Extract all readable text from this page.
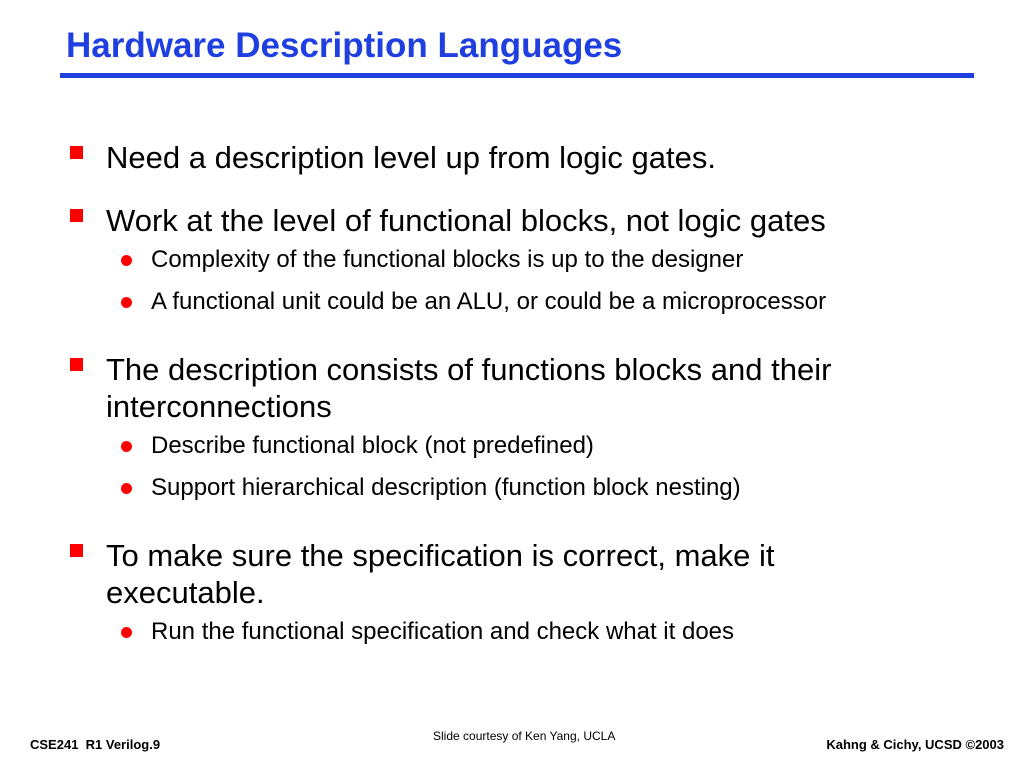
Hardware Description Languages
Need a description level up from logic gates.
Work at the level of functional blocks, not logic gates
Complexity of the functional blocks is up to the designer
A functional unit could be an ALU, or could be a microprocessor
The description consists of functions blocks and their interconnections
Describe functional block (not predefined)
Support hierarchical description (function block nesting)
To make sure the specification is correct, make it executable.
Run the functional specification and check what it does
CSE241  R1 Verilog.9
Slide courtesy of Ken Yang, UCLA
Kahng & Cichy, UCSD ©2003
